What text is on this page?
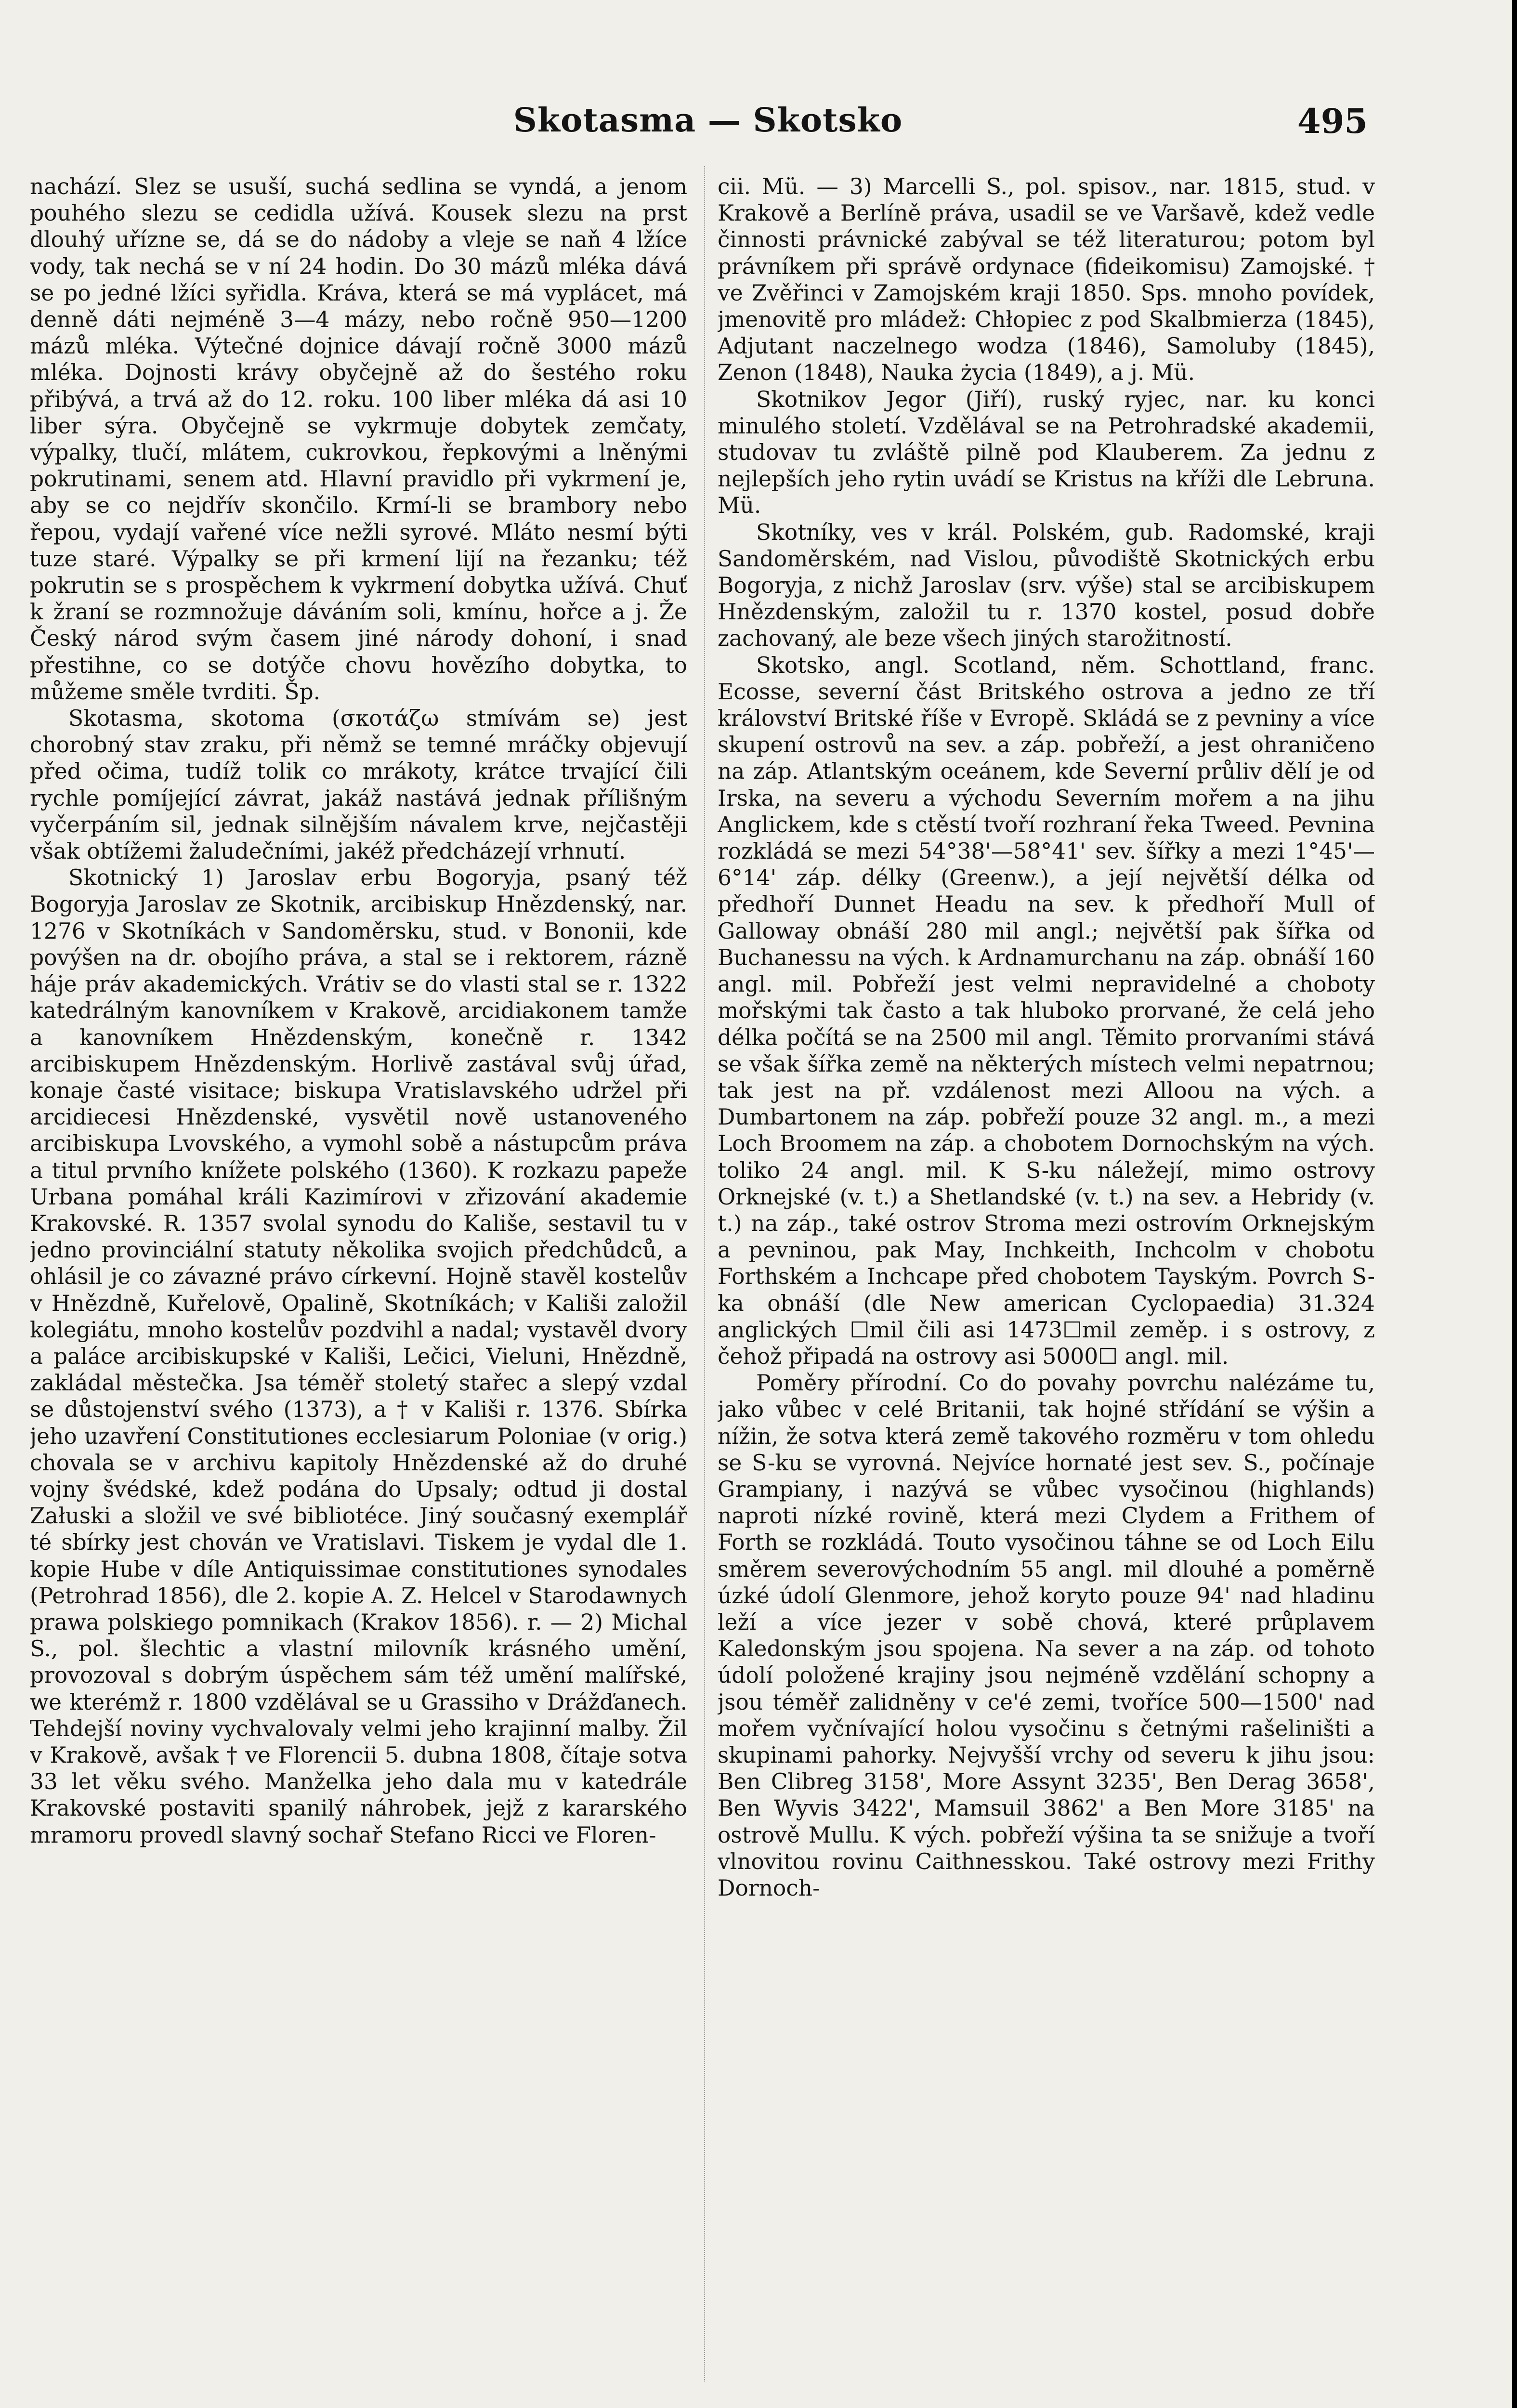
Skotasma — Skotsko	495

nachází. Slez se usuší, suchá sedlina se vyndá, a jenom pouhého slezu se cedidla užívá. Kousek slezu na prst dlouhý uřízne se, dá se do nádoby a vleje se naň 4 lžíce vody, tak nechá se v ní 24 hodin. Do 30 mázů mléka dává se po jedné lžíci syřidla. Kráva, která se má vyplácet, má denně dáti nejméně 3—4 mázy, nebo ročně 950—1200 mázů mléka. Výtečné dojnice dávají ročně 3000 mázů mléka. Dojnosti krávy obyčejně až do šestého roku přibývá, a trvá až do 12. roku. 100 liber mléka dá asi 10 liber sýra. Obyčejně se vykrmuje dobytek zemčaty, výpalky, tlučí, mlátem, cukrovkou, řepkovými a lněnými pokrutinami, senem atd. Hlavní pravidlo při vykrmení je, aby se co nejdřív skončilo. Krmí-li se brambory nebo řepou, vydají vařené více nežli syrové. Mláto nesmí býti tuze staré. Výpalky se při krmení lijí na řezanku; též pokrutin se s prospěchem k vykrmení dobytka užívá. Chuť k žraní se rozmnožuje dáváním soli, kmínu, hořce a j. Že Český národ svým časem jiné národy dohoní, i snad přestihne, co se dotýče chovu hovězího dobytka, to můžeme směle tvrditi. Šp.

Skotasma, skotoma (σκοτάζω stmívám se) jest chorobný stav zraku, při němž se temné mráčky objevují před očima, tudíž tolik co mrákoty, krátce trvající čili rychle pomíjející závrat, jakáž nastává jednak přílišným vyčerpáním sil, jednak silnějším návalem krve, nejčastěji však obtížemi žaludečními, jakéž předcházejí vrhnutí.

Skotnický 1) Jaroslav erbu Bogoryja, psaný též Bogoryja Jaroslav ze Skotnik, arcibiskup Hnězdenský, nar. 1276 v Skotníkách v Sandoměrsku, stud. v Bononii, kde povýšen na dr. obojího práva, a stal se i rektorem, rázně háje práv akademických. Vrátiv se do vlasti stal se r. 1322 katedrálným kanovníkem v Krakově, arcidiakonem tamže a kanovníkem Hnězdenským, konečně r. 1342 arcibiskupem Hnězdenským. Horlivě zastával svůj úřad, konaje časté visitace; biskupa Vratislavského udržel při arcidiecesi Hnězdenské, vysvětil nově ustanoveného arcibiskupa Lvovského, a vymohl sobě a nástupcům práva a titul prvního knížete polského (1360). K rozkazu papeže Urbana pomáhal králi Kazimírovi v zřizování akademie Krakovské. R. 1357 svolal synodu do Kališe, sestavil tu v jedno provinciální statuty několika svojich předchůdců, a ohlásil je co závazné právo církevní. Hojně stavěl kostelův v Hnězdně, Kuřelově, Opalině, Skotníkách; v Kališi založil kolegiátu, mnoho kostelův pozdvihl a nadal; vystavěl dvory a paláce arcibiskupské v Kališi, Lečici, Vieluni, Hnězdně, zakládal městečka. Jsa téměř stoletý stařec a slepý vzdal se důstojenství svého (1373), a † v Kališi r. 1376. Sbírka jeho uzavření Constitutiones ecclesiarum Poloniae (v orig.) chovala se v archivu kapitoly Hnězdenské až do druhé vojny švédské, kdež podána do Upsaly; odtud ji dostal Załuski a složil ve své bibliotéce. Jiný současný exemplář té sbírky jest chován ve Vratislavi. Tiskem je vydal dle 1. kopie Hube v díle Antiquissimae constitutiones synodales (Petrohrad 1856), dle 2. kopie A. Z. Helcel v Starodawnych prawa polskiego pomnikach (Krakov 1856). r. — 2) Michal S., pol. šlechtic a vlastní milovník krásného umění, provozoval s dobrým úspěchem sám též umění malířské, we kterémž r. 1800 vzdělával se u Grassiho v Drážďanech. Tehdejší noviny vychvalovaly velmi jeho krajinní malby. Žil v Krakově, avšak † ve Florencii 5. dubna 1808, čítaje sotva 33 let věku svého. Manželka jeho dala mu v katedrále Krakovské postaviti spanilý náhrobek, jejž z kararského mramoru provedl slavný sochař Stefano Ricci ve Floren-

cii. Mü. — 3) Marcelli S., pol. spisov., nar. 1815, stud. v Krakově a Berlíně práva, usadil se ve Varšavě, kdež vedle činnosti právnické zabýval se též literaturou; potom byl právníkem při správě ordynace (fideikomisu) Zamojské. † ve Zvěřinci v Zamojském kraji 1850. Sps. mnoho povídek, jmenovitě pro mládež: Chłopiec z pod Skalbmierza (1845), Adjutant naczelnego wodza (1846), Samoluby (1845), Zenon (1848), Nauka życia (1849), a j. Mü.

Skotnikov Jegor (Jiří), ruský ryjec, nar. ku konci minulého století. Vzdělával se na Petrohradské akademii, studovav tu zvláště pilně pod Klauberem. Za jednu z nejlepších jeho rytin uvádí se Kristus na kříži dle Lebruna. Mü.

Skotníky, ves v král. Polském, gub. Radomské, kraji Sandoměrském, nad Vislou, původiště Skotnických erbu Bogoryja, z nichž Jaroslav (srv. výše) stal se arcibiskupem Hnězdenským, založil tu r. 1370 kostel, posud dobře zachovaný, ale beze všech jiných starožitností.

Skotsko, angl. Scotland, něm. Schottland, franc. Ecosse, severní část Britského ostrova a jedno ze tří království Britské říše v Evropě. Skládá se z pevniny a více skupení ostrovů na sev. a záp. pobřeží, a jest ohraničeno na záp. Atlantským oceánem, kde Severní průliv dělí je od Irska, na severu a východu Severním mořem a na jihu Anglickem, kde s ctěstí tvoří rozhraní řeka Tweed. Pevnina rozkládá se mezi 54°38'—58°41' sev. šířky a mezi 1°45'—6°14' záp. délky (Greenw.), a její největší délka od předhoří Dunnet Headu na sev. k předhoří Mull of Galloway obnáší 280 mil angl.; největší pak šířka od Buchanessu na vých. k Ardnamurchanu na záp. obnáší 160 angl. mil. Pobřeží jest velmi nepravidelné a choboty mořskými tak často a tak hluboko prorvané, že celá jeho délka počítá se na 2500 mil angl. Těmito prorvaními stává se však šířka země na některých místech velmi nepatrnou; tak jest na př. vzdálenost mezi Alloou na vých. a Dumbartonem na záp. pobřeží pouze 32 angl. m., a mezi Loch Broomem na záp. a chobotem Dornochským na vých. toliko 24 angl. mil. K S-ku náležejí, mimo ostrovy Orknejské (v. t.) a Shetlandské (v. t.) na sev. a Hebridy (v. t.) na záp., také ostrov Stroma mezi ostrovím Orknejským a pevninou, pak May, Inchkeith, Inchcolm v chobotu Forthském a Inchcape před chobotem Tayským. Povrch S-ka obnáší (dle New american Cyclopaedia) 31.324 anglických ☐mil čili asi 1473☐mil zeměp. i s ostrovy, z čehož připadá na ostrovy asi 5000☐ angl. mil.

Poměry přírodní. Co do povahy povrchu nalézáme tu, jako vůbec v celé Britanii, tak hojné střídání se výšin a nížin, že sotva která země takového rozměru v tom ohledu se S-ku se vyrovná. Nejvíce hornaté jest sev. S., počínaje Grampiany, i nazývá se vůbec vysočinou (highlands) naproti nízké rovině, která mezi Clydem a Frithem of Forth se rozkládá. Touto vysočinou táhne se od Loch Eilu směrem severovýchodním 55 angl. mil dlouhé a poměrně úzké údolí Glenmore, jehož koryto pouze 94' nad hladinu leží a více jezer v sobě chová, které průplavem Kaledonským jsou spojena. Na sever a na záp. od tohoto údolí položené krajiny jsou nejméně vzdělání schopny a jsou téměř zalidněny v ce'é zemi, tvoříce 500—1500' nad mořem vyčnívající holou vysočinu s četnými rašeliništi a skupinami pahorky. Nejvyšší vrchy od severu k jihu jsou: Ben Clibreg 3158', More Assynt 3235', Ben Derag 3658', Ben Wyvis 3422', Mamsuil 3862' a Ben More 3185' na ostrově Mullu. K vých. pobřeží výšina ta se snižuje a tvoří vlnovitou rovinu Caithnesskou. Také ostrovy mezi Frithy Dornoch-
